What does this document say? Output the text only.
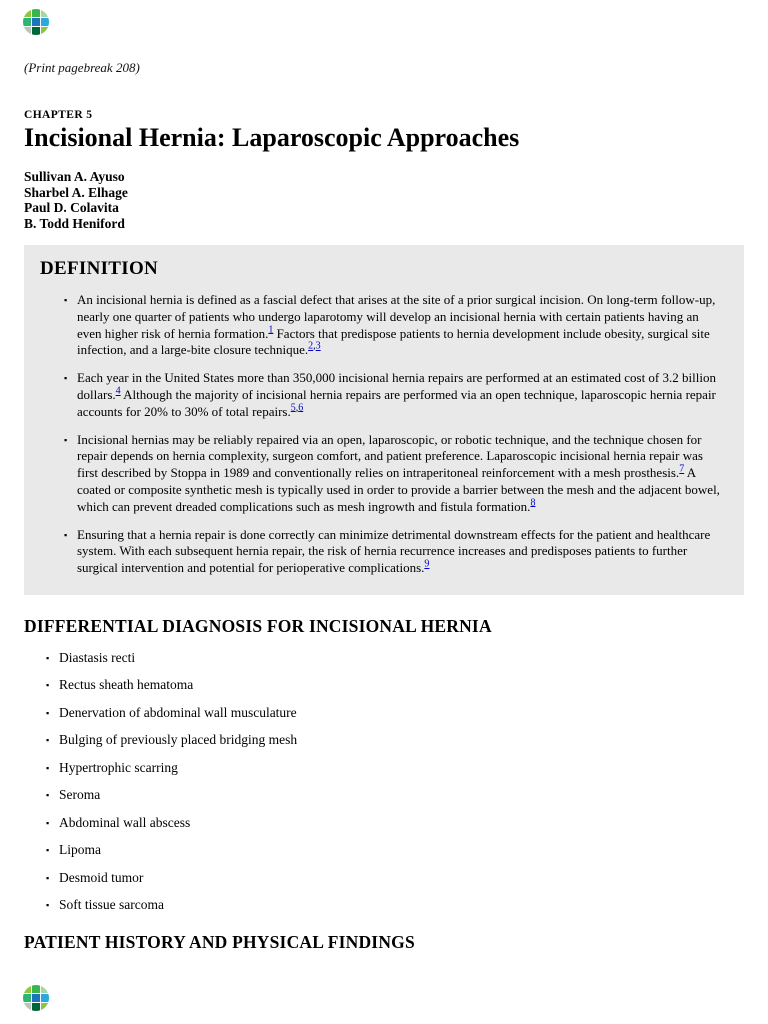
(Print pagebreak 208)
CHAPTER 5
Incisional Hernia: Laparoscopic Approaches
Sullivan A. Ayuso
Sharbel A. Elhage
Paul D. Colavita
B. Todd Heniford
DEFINITION
▪ An incisional hernia is defined as a fascial defect that arises at the site of a prior surgical incision. On long-term follow-up, nearly one quarter of patients who undergo laparotomy will develop an incisional hernia with certain patients having an even higher risk of hernia formation.$^1$ Factors that predispose patients to hernia development include obesity, surgical site infection, and a large-bite closure technique.$^{2,3}$
▪ Each year in the United States more than 350,000 incisional hernia repairs are performed at an estimated cost of 3.2 billion dollars.$^4$ Although the majority of incisional hernia repairs are performed via an open technique, laparoscopic hernia repair accounts for 20% to 30% of total repairs.$^{5,6}$
▪ Incisional hernias may be reliably repaired via an open, laparoscopic, or robotic technique, and the technique chosen for repair depends on hernia complexity, surgeon comfort, and patient preference. Laparoscopic incisional hernia repair was first described by Stoppa in 1989 and conventionally relies on intraperitoneal reinforcement with a mesh prosthesis.$^7$ A coated or composite synthetic mesh is typically used in order to provide a barrier between the mesh and the adjacent bowel, which can prevent dreaded complications such as mesh ingrowth and fistula formation.$^8$
▪ Ensuring that a hernia repair is done correctly can minimize detrimental downstream effects for the patient and healthcare system. With each subsequent hernia repair, the risk of hernia recurrence increases and predisposes patients to further surgical intervention and potential for perioperative complications.$^9$
DIFFERENTIAL DIAGNOSIS FOR INCISIONAL HERNIA
▪ Diastasis recti
▪ Rectus sheath hematoma
▪ Denervation of abdominal wall musculature
▪ Bulging of previously placed bridging mesh
▪ Hypertrophic scarring
▪ Seroma
▪ Abdominal wall abscess
▪ Lipoma
▪ Desmoid tumor
▪ Soft tissue sarcoma
PATIENT HISTORY AND PHYSICAL FINDINGS
